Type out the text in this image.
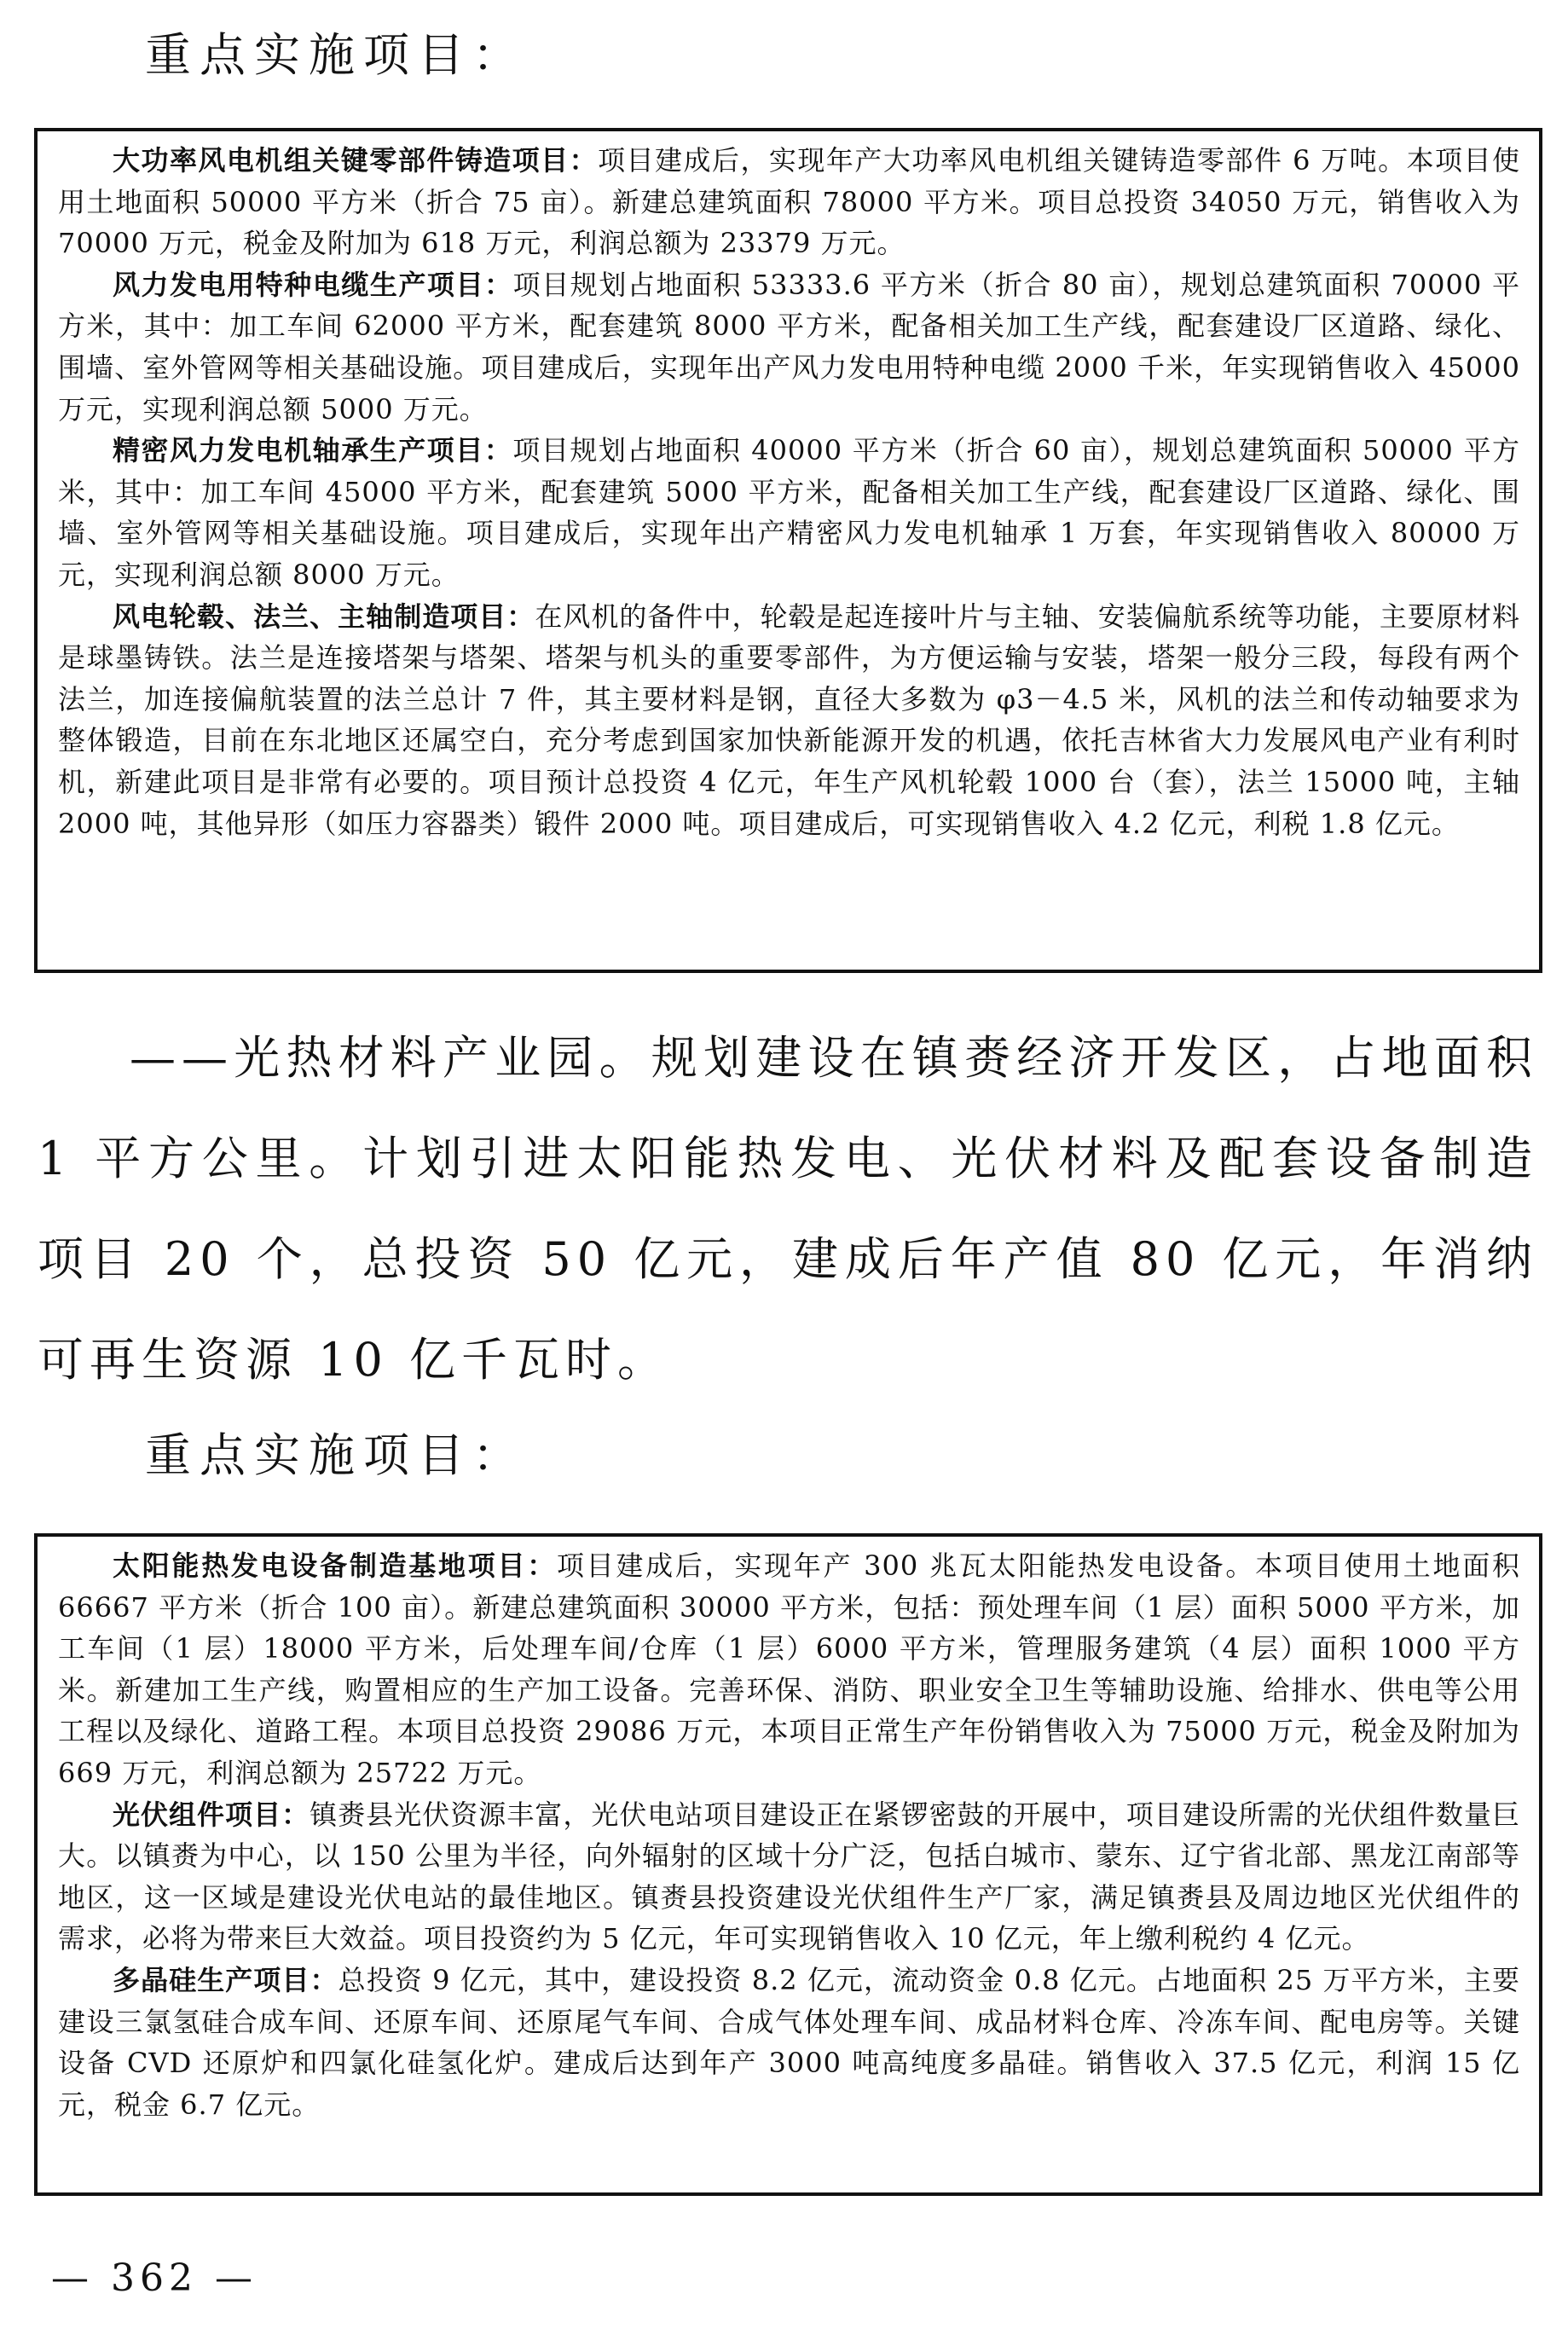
重点实施项目：

大功率风电机组关键零部件铸造项目：项目建成后，实现年产大功率风电机组关键铸造零部件 6 万吨。本项目使用土地面积 50000 平方米（折合 75 亩）。新建总建筑面积 78000 平方米。项目总投资 34050 万元，销售收入为 70000 万元，税金及附加为 618 万元，利润总额为 23379 万元。

风力发电用特种电缆生产项目：项目规划占地面积 53333.6 平方米（折合 80 亩），规划总建筑面积 70000 平方米，其中：加工车间 62000 平方米，配套建筑 8000 平方米，配备相关加工生产线，配套建设厂区道路、绿化、围墙、室外管网等相关基础设施。项目建成后，实现年出产风力发电用特种电缆 2000 千米，年实现销售收入 45000 万元，实现利润总额 5000 万元。

精密风力发电机轴承生产项目：项目规划占地面积 40000 平方米（折合 60 亩），规划总建筑面积 50000 平方米，其中：加工车间 45000 平方米，配套建筑 5000 平方米，配备相关加工生产线，配套建设厂区道路、绿化、围墙、室外管网等相关基础设施。项目建成后，实现年出产精密风力发电机轴承 1 万套，年实现销售收入 80000 万元，实现利润总额 8000 万元。

风电轮毂、法兰、主轴制造项目：在风机的备件中，轮毂是起连接叶片与主轴、安装偏航系统等功能，主要原材料是球墨铸铁。法兰是连接塔架与塔架、塔架与机头的重要零部件，为方便运输与安装，塔架一般分三段，每段有两个法兰，加连接偏航装置的法兰总计 7 件，其主要材料是钢，直径大多数为 φ3－4.5 米，风机的法兰和传动轴要求为整体锻造，目前在东北地区还属空白，充分考虑到国家加快新能源开发的机遇，依托吉林省大力发展风电产业有利时机，新建此项目是非常有必要的。项目预计总投资 4 亿元，年生产风机轮毂 1000 台（套），法兰 15000 吨，主轴 2000 吨，其他异形（如压力容器类）锻件 2000 吨。项目建成后，可实现销售收入 4.2 亿元，利税 1.8 亿元。

——光热材料产业园。规划建设在镇赉经济开发区，占地面积 1 平方公里。计划引进太阳能热发电、光伏材料及配套设备制造项目 20 个，总投资 50 亿元，建成后年产值 80 亿元，年消纳可再生资源 10 亿千瓦时。

重点实施项目：

太阳能热发电设备制造基地项目：项目建成后，实现年产 300 兆瓦太阳能热发电设备。本项目使用土地面积 66667 平方米（折合 100 亩）。新建总建筑面积 30000 平方米，包括：预处理车间（1 层）面积 5000 平方米，加工车间（1 层）18000 平方米，后处理车间/仓库（1 层）6000 平方米，管理服务建筑（4 层）面积 1000 平方米。新建加工生产线，购置相应的生产加工设备。完善环保、消防、职业安全卫生等辅助设施、给排水、供电等公用工程以及绿化、道路工程。本项目总投资 29086 万元，本项目正常生产年份销售收入为 75000 万元，税金及附加为 669 万元，利润总额为 25722 万元。

光伏组件项目：镇赉县光伏资源丰富，光伏电站项目建设正在紧锣密鼓的开展中，项目建设所需的光伏组件数量巨大。以镇赉为中心，以 150 公里为半径，向外辐射的区域十分广泛，包括白城市、蒙东、辽宁省北部、黑龙江南部等地区，这一区域是建设光伏电站的最佳地区。镇赉县投资建设光伏组件生产厂家，满足镇赉县及周边地区光伏组件的需求，必将为带来巨大效益。项目投资约为 5 亿元，年可实现销售收入 10 亿元，年上缴利税约 4 亿元。

多晶硅生产项目：总投资 9 亿元，其中，建设投资 8.2 亿元，流动资金 0.8 亿元。占地面积 25 万平方米，主要建设三氯氢硅合成车间、还原车间、还原尾气车间、合成气体处理车间、成品材料仓库、冷冻车间、配电房等。关键设备 CVD 还原炉和四氯化硅氢化炉。建成后达到年产 3000 吨高纯度多晶硅。销售收入 37.5 亿元，利润 15 亿元，税金 6.7 亿元。

— 362 —
